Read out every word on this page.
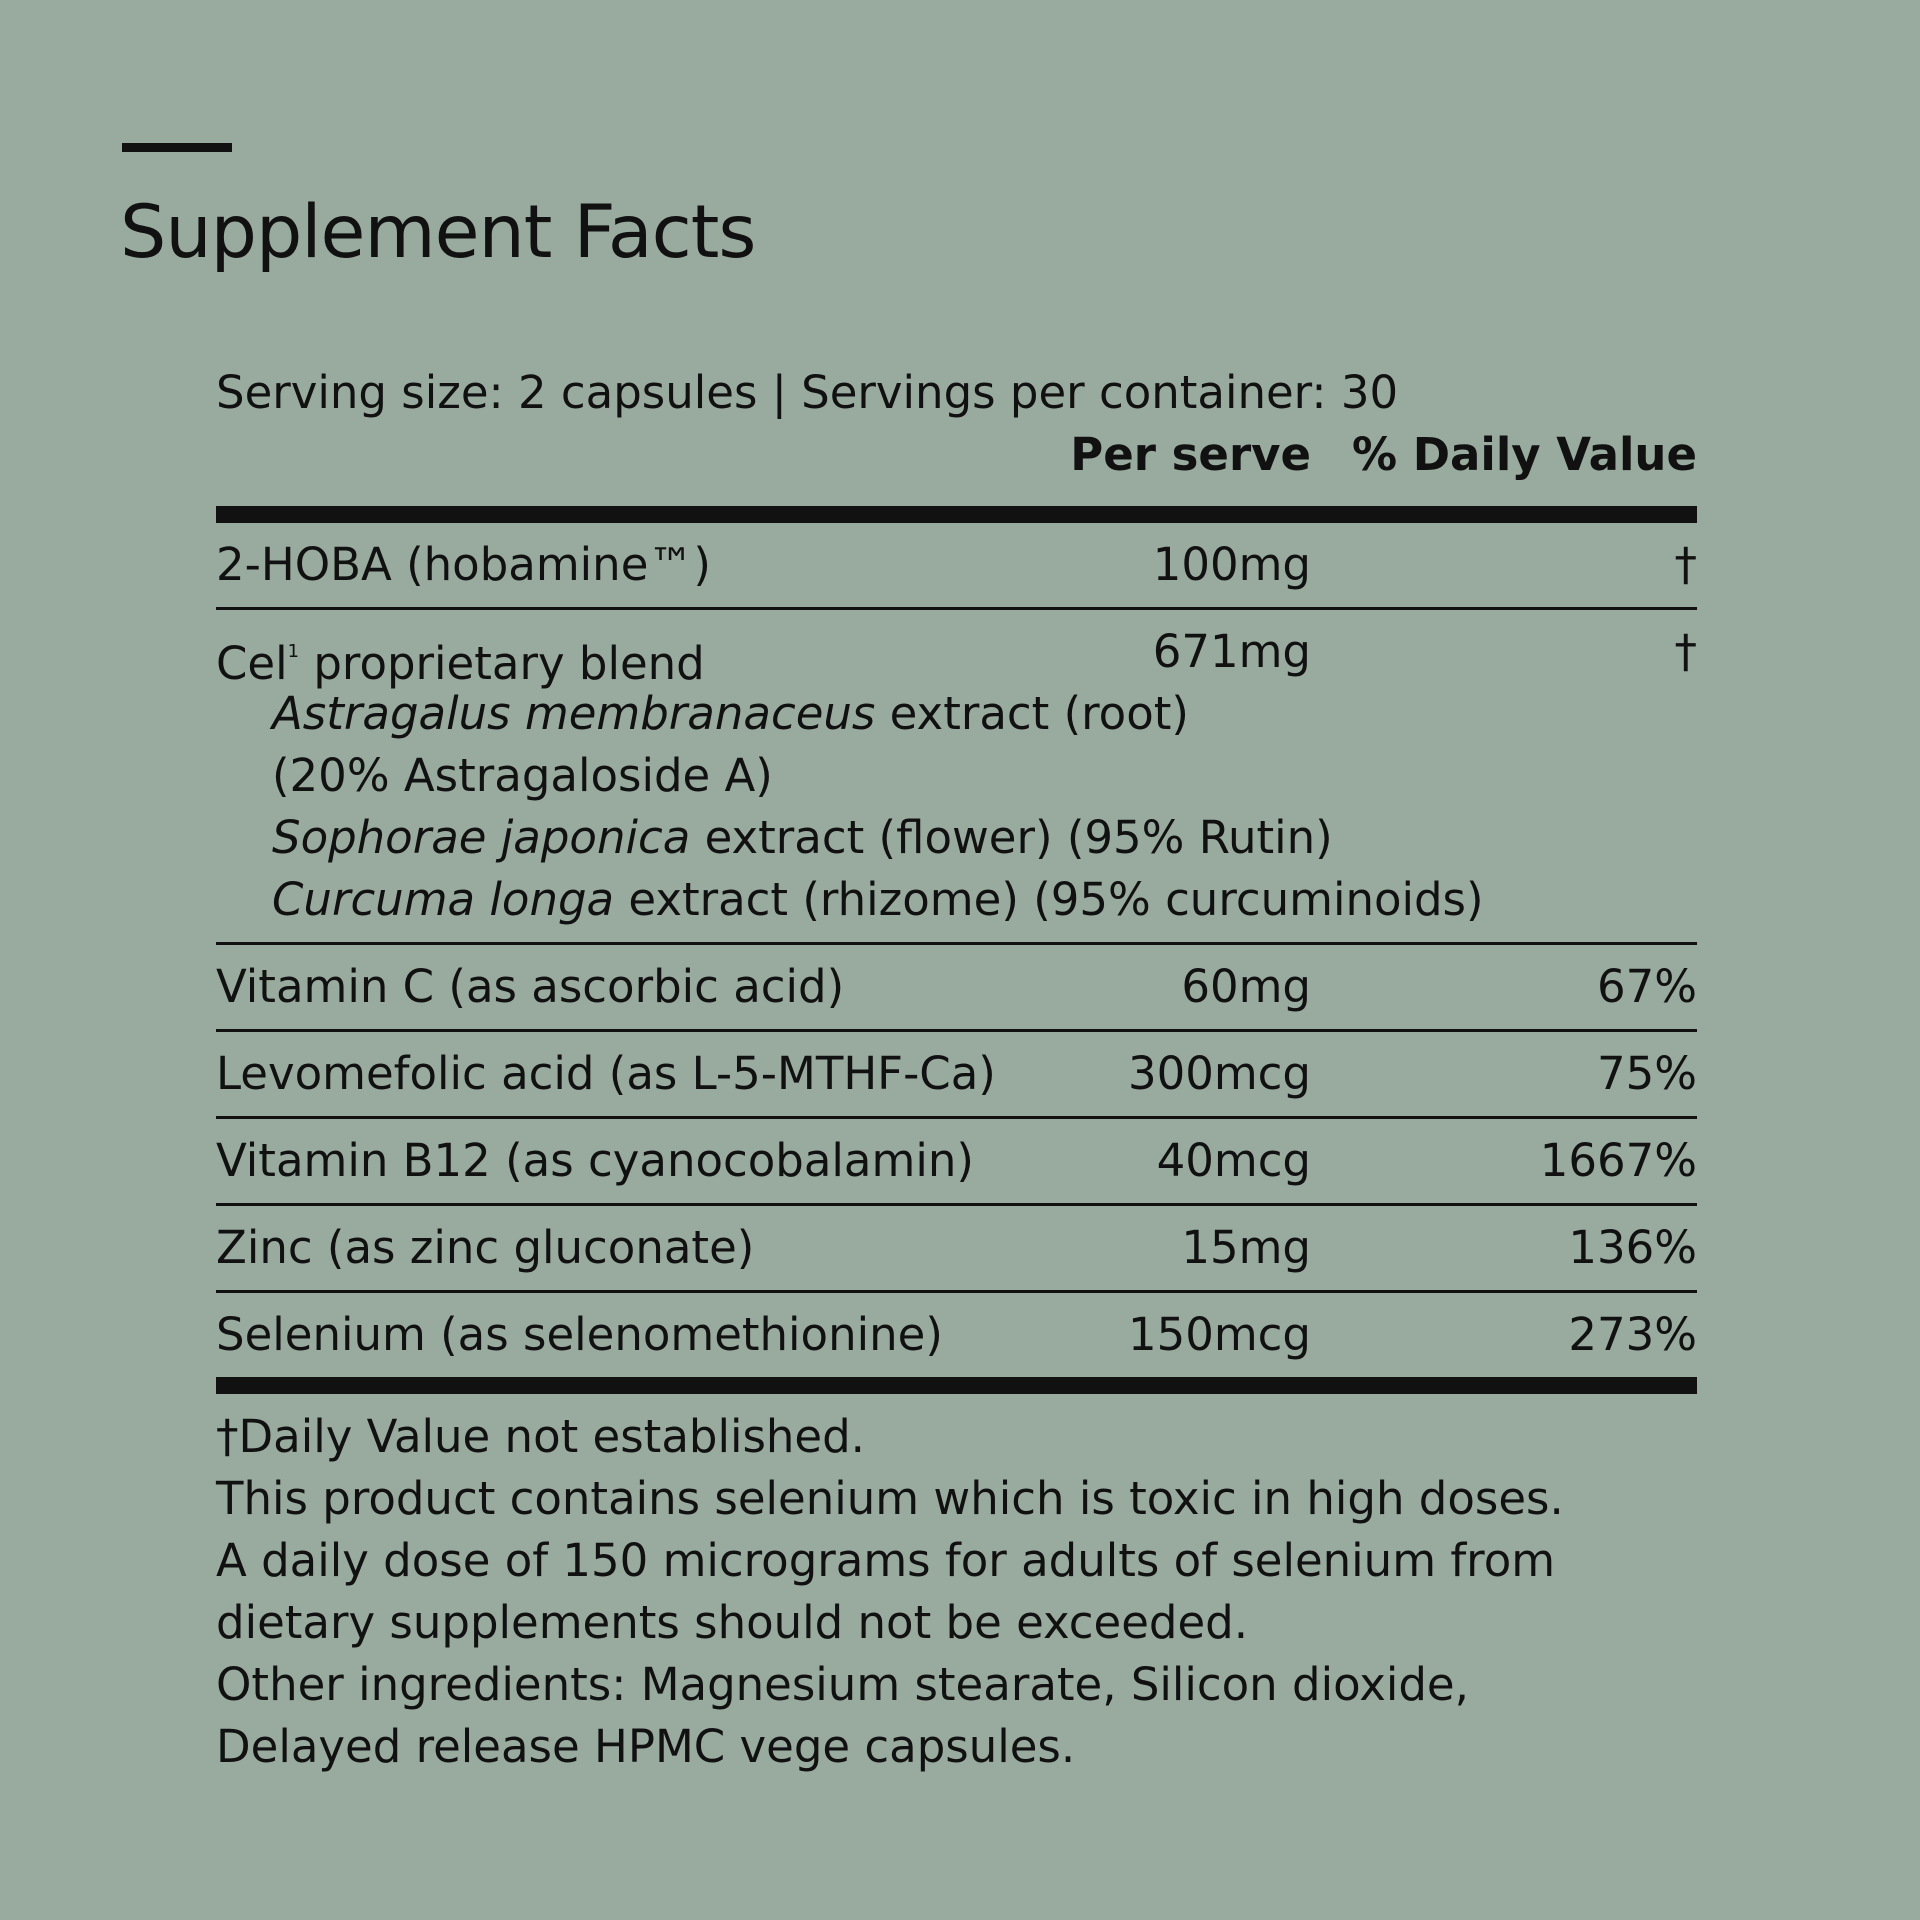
Supplement Facts
Serving size: 2 capsules | Servings per container: 30
Per serve % Daily Value
2-HOBA (hobamine™)	100mg	†
Cel$^1$ proprietary blend	671mg	†
Astragalus membranaceus extract (root)
(20% Astragaloside A)
Sophorae japonica extract (flower) (95% Rutin)
Curcuma longa extract (rhizome) (95% curcuminoids)
Vitamin C (as ascorbic acid)	60mg	67%
Levomefolic acid (as L-5-MTHF-Ca)	300mcg	75%
Vitamin B12 (as cyanocobalamin)	40mcg	1667%
Zinc (as zinc gluconate)	15mg	136%
Selenium (as selenomethionine)	150mcg	273%
†Daily Value not established.
This product contains selenium which is toxic in high doses.
A daily dose of 150 micrograms for adults of selenium from
dietary supplements should not be exceeded.
Other ingredients: Magnesium stearate, Silicon dioxide,
Delayed release HPMC vege capsules.
